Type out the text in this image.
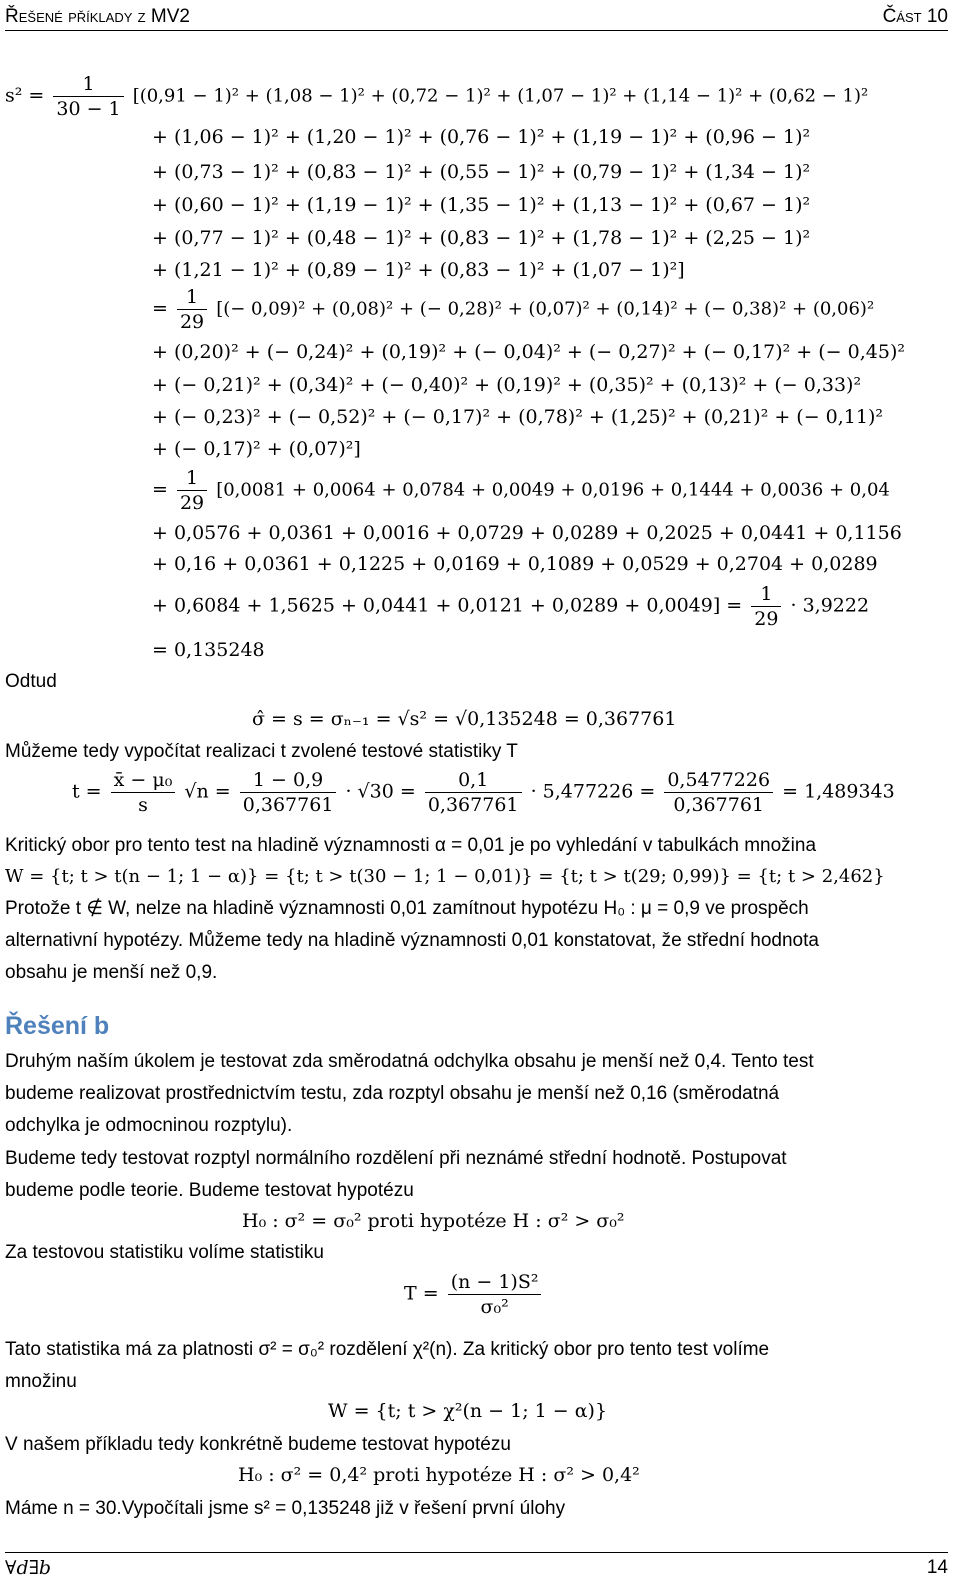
Řešené příklady z MV2	Část 10
$s^2 = \frac{1}{30 - 1} [(0,91 - 1)^2 + (1,08 - 1)^2 + (0,72 - 1)^2 + (1,07 - 1)^2 + (1,14 - 1)^2 + (0,62 - 1)^2$
+ (1,06 − 1)² + (1,20 − 1)² + (0,76 − 1)² + (1,19 − 1)² + (0,96 − 1)²
+ (0,73 − 1)² + (0,83 − 1)² + (0,55 − 1)² + (0,79 − 1)² + (1,34 − 1)²
+ (0,60 − 1)² + (1,19 − 1)² + (1,35 − 1)² + (1,13 − 1)² + (0,67 − 1)²
+ (0,77 − 1)² + (0,48 − 1)² + (0,83 − 1)² + (1,78 − 1)² + (2,25 − 1)²
+ (1,21 − 1)² + (0,89 − 1)² + (0,83 − 1)² + (1,07 − 1)²]
= $\frac{1}{29}$ [(− 0,09)² + (0,08)² + (− 0,28)² + (0,07)² + (0,14)² + (− 0,38)² + (0,06)²
+ (0,20)² + (− 0,24)² + (0,19)² + (− 0,04)² + (− 0,27)² + (− 0,17)² + (− 0,45)²
+ (− 0,21)² + (0,34)² + (− 0,40)² + (0,19)² + (0,35)² + (0,13)² + (− 0,33)²
+ (− 0,23)² + (− 0,52)² + (− 0,17)² + (0,78)² + (1,25)² + (0,21)² + (− 0,11)²
+ (− 0,17)² + (0,07)²]
= $\frac{1}{29} [0,0081 + 0,0064 + 0,0784 + 0,0049 + 0,0196 + 0,1444 + 0,0036 + 0,04$
+ 0,0576 + 0,0361 + 0,0016 + 0,0729 + 0,0289 + 0,2025 + 0,0441 + 0,1156
+ 0,16 + 0,0361 + 0,1225 + 0,0169 + 0,1089 + 0,0529 + 0,2704 + 0,0289
+ $0,6084 + 1,5625 + 0,0441 + 0,0121 + 0,0289 + 0,0049] = \frac{1}{29} \cdot 3,9222$
= 0,135248
Odtud
σ̂ = s = σₙ₋₁ = √s² = √0,135248 = 0,367761
Můžeme tedy vypočítat realizaci t zvolené testové statistiky T
$t = \frac{\text{x̄ − μ₀}}{s} √n = \frac{1 - 0,9}{0,367761} \cdot √30 = \frac{0,1}{0,367761} \cdot 5,477226 = \frac{0,5477226}{0,367761} = 1,489343$
Kritický obor pro tento test na hladině významnosti α = 0,01 je po vyhledání v tabulkách množina
W = {t; t > t(n − 1; 1 − α)} = {t; t > t(30 − 1; 1 − 0,01)} = {t; t > t(29; 0,99)} = {t; t > 2,462}
Protože t ∉ W, nelze na hladině významnosti 0,01 zamítnout hypotézu H₀ : μ = 0,9 ve prospěch
alternativní hypotézy. Můžeme tedy na hladině významnosti 0,01 konstatovat, že střední hodnota
obsahu je menší než 0,9.
Řešení b
Druhým naším úkolem je testovat zda směrodatná odchylka obsahu je menší než 0,4. Tento test
budeme realizovat prostřednictvím testu, zda rozptyl obsahu je menší než 0,16 (směrodatná
odchylka je odmocninou rozptylu).
Budeme tedy testovat rozptyl normálního rozdělení při neznámé střední hodnotě. Postupovat
budeme podle teorie. Budeme testovat hypotézu
H₀ : σ² = σ₀² proti hypotéze H : σ² > σ₀²
Za testovou statistiku volíme statistiku
$T = \frac{\text{(n − 1)S²}}{\text{σ₀²}}$
Tato statistika má za platnosti σ² = σ₀² rozdělení χ²(n). Za kritický obor pro tento test volíme
množinu
W = {t; t > χ²(n − 1; 1 − α)}
V našem příkladu tedy konkrétně budeme testovat hypotézu
H₀ : σ² = 0,4² proti hypotéze H : σ² > 0,4²
Máme n = 30.Vypočítali jsme s² = 0,135248 již v řešení první úlohy
∀d∃b	14
